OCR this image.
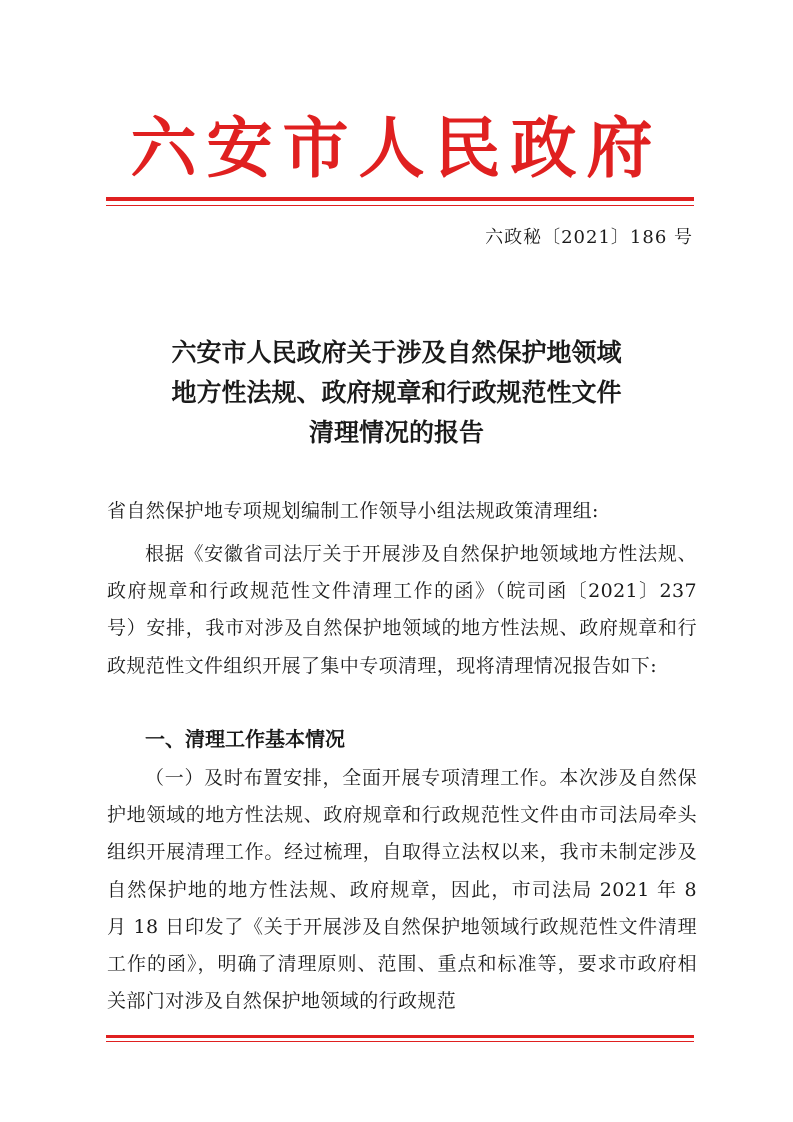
六安市人民政府
六政秘〔2021〕186 号
六安市人民政府关于涉及自然保护地领域
地方性法规、政府规章和行政规范性文件
清理情况的报告
省自然保护地专项规划编制工作领导小组法规政策清理组:
根据《安徽省司法厅关于开展涉及自然保护地领域地方性法规、政府规章和行政规范性文件清理工作的函》（皖司函〔2021〕237 号）安排，我市对涉及自然保护地领域的地方性法规、政府规章和行政规范性文件组织开展了集中专项清理，现将清理情况报告如下:
一、清理工作基本情况
（一）及时布置安排，全面开展专项清理工作。本次涉及自然保护地领域的地方性法规、政府规章和行政规范性文件由市司法局牵头组织开展清理工作。经过梳理，自取得立法权以来，我市未制定涉及自然保护地的地方性法规、政府规章，因此，市司法局 2021 年 8 月 18 日印发了《关于开展涉及自然保护地领域行政规范性文件清理工作的函》，明确了清理原则、范围、重点和标准等，要求市政府相关部门对涉及自然保护地领域的行政规范
